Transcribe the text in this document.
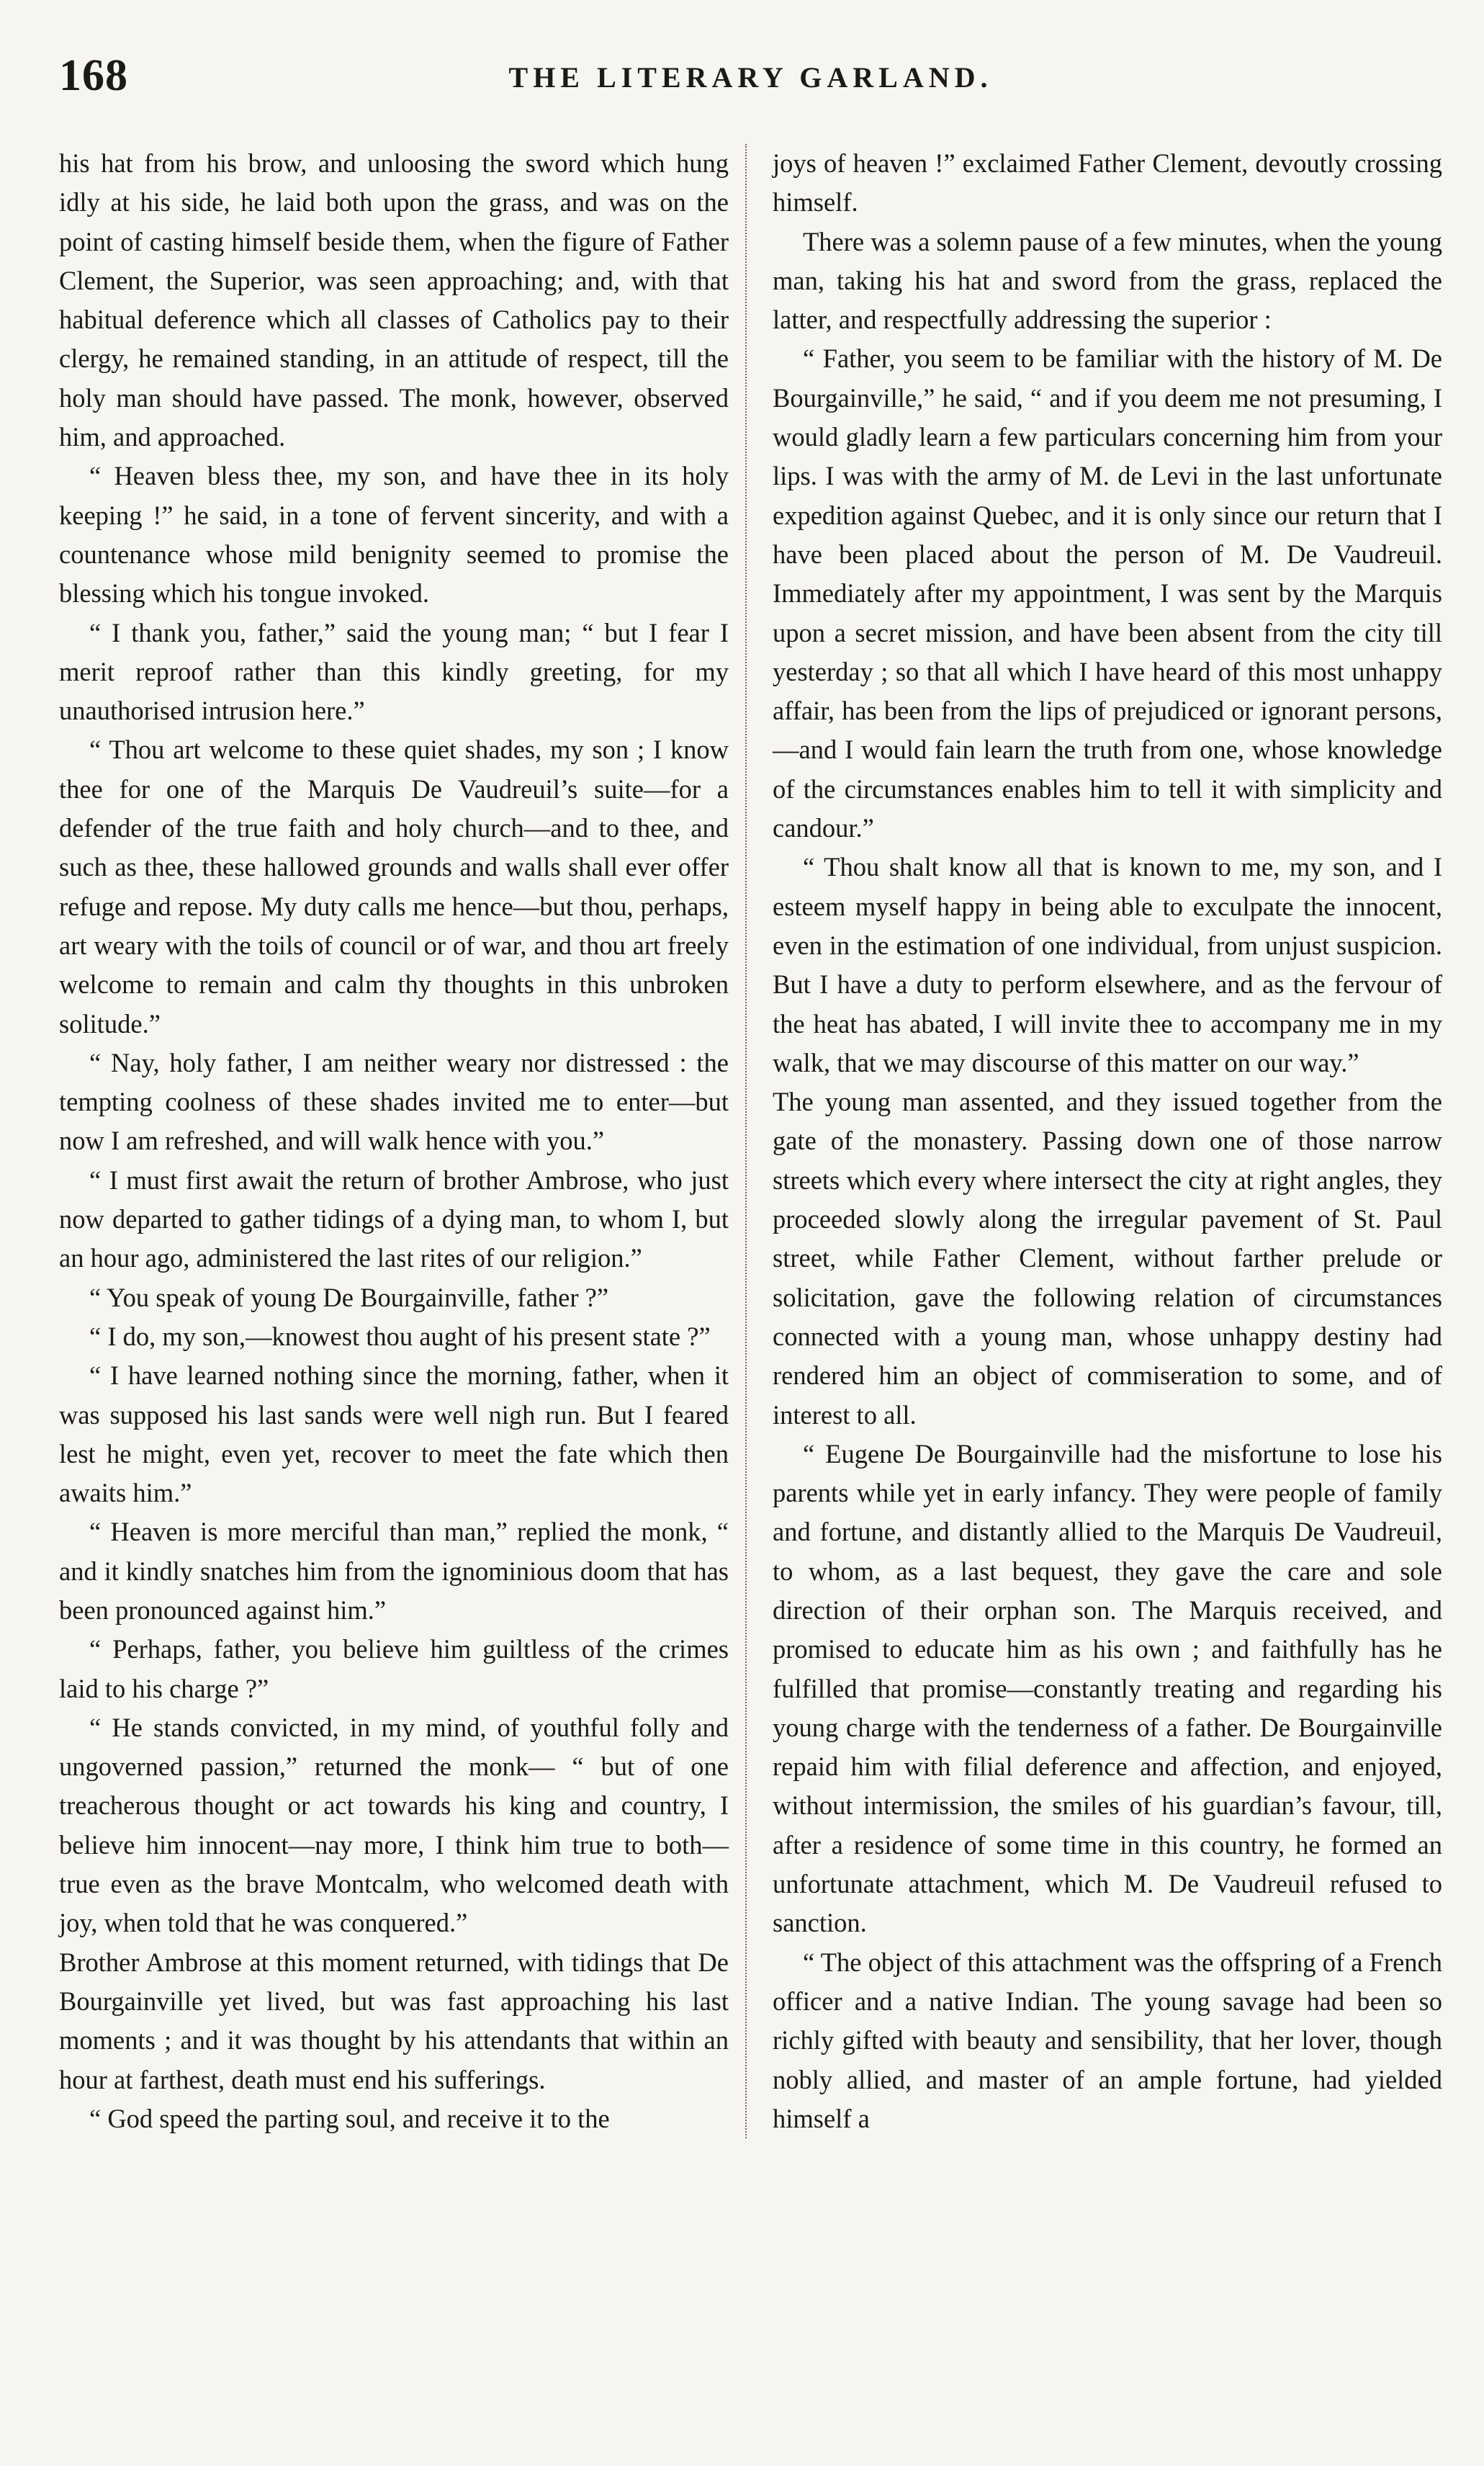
168	THE LITERARY GARLAND.

his hat from his brow, and unloosing the sword which hung idly at his side, he laid both upon the grass, and was on the point of casting himself beside them, when the figure of Father Clement, the Superior, was seen approaching; and, with that habitual deference which all classes of Catholics pay to their clergy, he remained standing, in an attitude of respect, till the holy man should have passed. The monk, however, observed him, and approached.

“ Heaven bless thee, my son, and have thee in its holy keeping !” he said, in a tone of fervent sincerity, and with a countenance whose mild benignity seemed to promise the blessing which his tongue invoked.

“ I thank you, father,” said the young man; “ but I fear I merit reproof rather than this kindly greeting, for my unauthorised intrusion here.”

“ Thou art welcome to these quiet shades, my son ; I know thee for one of the Marquis De Vaudreuil’s suite—for a defender of the true faith and holy church—and to thee, and such as thee, these hallowed grounds and walls shall ever offer refuge and repose. My duty calls me hence—but thou, perhaps, art weary with the toils of council or of war, and thou art freely welcome to remain and calm thy thoughts in this unbroken solitude.”

“ Nay, holy father, I am neither weary nor distressed : the tempting coolness of these shades invited me to enter—but now I am refreshed, and will walk hence with you.”

“ I must first await the return of brother Ambrose, who just now departed to gather tidings of a dying man, to whom I, but an hour ago, administered the last rites of our religion.”

“ You speak of young De Bourgainville, father ?”

“ I do, my son,—knowest thou aught of his present state ?”

“ I have learned nothing since the morning, father, when it was supposed his last sands were well nigh run. But I feared lest he might, even yet, recover to meet the fate which then awaits him.”

“ Heaven is more merciful than man,” replied the monk, “ and it kindly snatches him from the ignominious doom that has been pronounced against him.”

“ Perhaps, father, you believe him guiltless of the crimes laid to his charge ?”

“ He stands convicted, in my mind, of youthful folly and ungoverned passion,” returned the monk— “ but of one treacherous thought or act towards his king and country, I believe him innocent—nay more, I think him true to both—true even as the brave Montcalm, who welcomed death with joy, when told that he was conquered.”

Brother Ambrose at this moment returned, with tidings that De Bourgainville yet lived, but was fast approaching his last moments ; and it was thought by his attendants that within an hour at farthest, death must end his sufferings.

“ God speed the parting soul, and receive it to the

joys of heaven !” exclaimed Father Clement, devoutly crossing himself.

There was a solemn pause of a few minutes, when the young man, taking his hat and sword from the grass, replaced the latter, and respectfully addressing the superior :

“ Father, you seem to be familiar with the history of M. De Bourgainville,” he said, “ and if you deem me not presuming, I would gladly learn a few particulars concerning him from your lips. I was with the army of M. de Levi in the last unfortunate expedition against Quebec, and it is only since our return that I have been placed about the person of M. De Vaudreuil. Immediately after my appointment, I was sent by the Marquis upon a secret mission, and have been absent from the city till yesterday ; so that all which I have heard of this most unhappy affair, has been from the lips of prejudiced or ignorant persons,—and I would fain learn the truth from one, whose knowledge of the circumstances enables him to tell it with simplicity and candour.”

“ Thou shalt know all that is known to me, my son, and I esteem myself happy in being able to exculpate the innocent, even in the estimation of one individual, from unjust suspicion. But I have a duty to perform elsewhere, and as the fervour of the heat has abated, I will invite thee to accompany me in my walk, that we may discourse of this matter on our way.”

The young man assented, and they issued together from the gate of the monastery. Passing down one of those narrow streets which every where intersect the city at right angles, they proceeded slowly along the irregular pavement of St. Paul street, while Father Clement, without farther prelude or solicitation, gave the following relation of circumstances connected with a young man, whose unhappy destiny had rendered him an object of commiseration to some, and of interest to all.

“ Eugene De Bourgainville had the misfortune to lose his parents while yet in early infancy. They were people of family and fortune, and distantly allied to the Marquis De Vaudreuil, to whom, as a last bequest, they gave the care and sole direction of their orphan son. The Marquis received, and promised to educate him as his own ; and faithfully has he fulfilled that promise—constantly treating and regarding his young charge with the tenderness of a father. De Bourgainville repaid him with filial deference and affection, and enjoyed, without intermission, the smiles of his guardian’s favour, till, after a residence of some time in this country, he formed an unfortunate attachment, which M. De Vaudreuil refused to sanction.

“ The object of this attachment was the offspring of a French officer and a native Indian. The young savage had been so richly gifted with beauty and sensibility, that her lover, though nobly allied, and master of an ample fortune, had yielded himself a
